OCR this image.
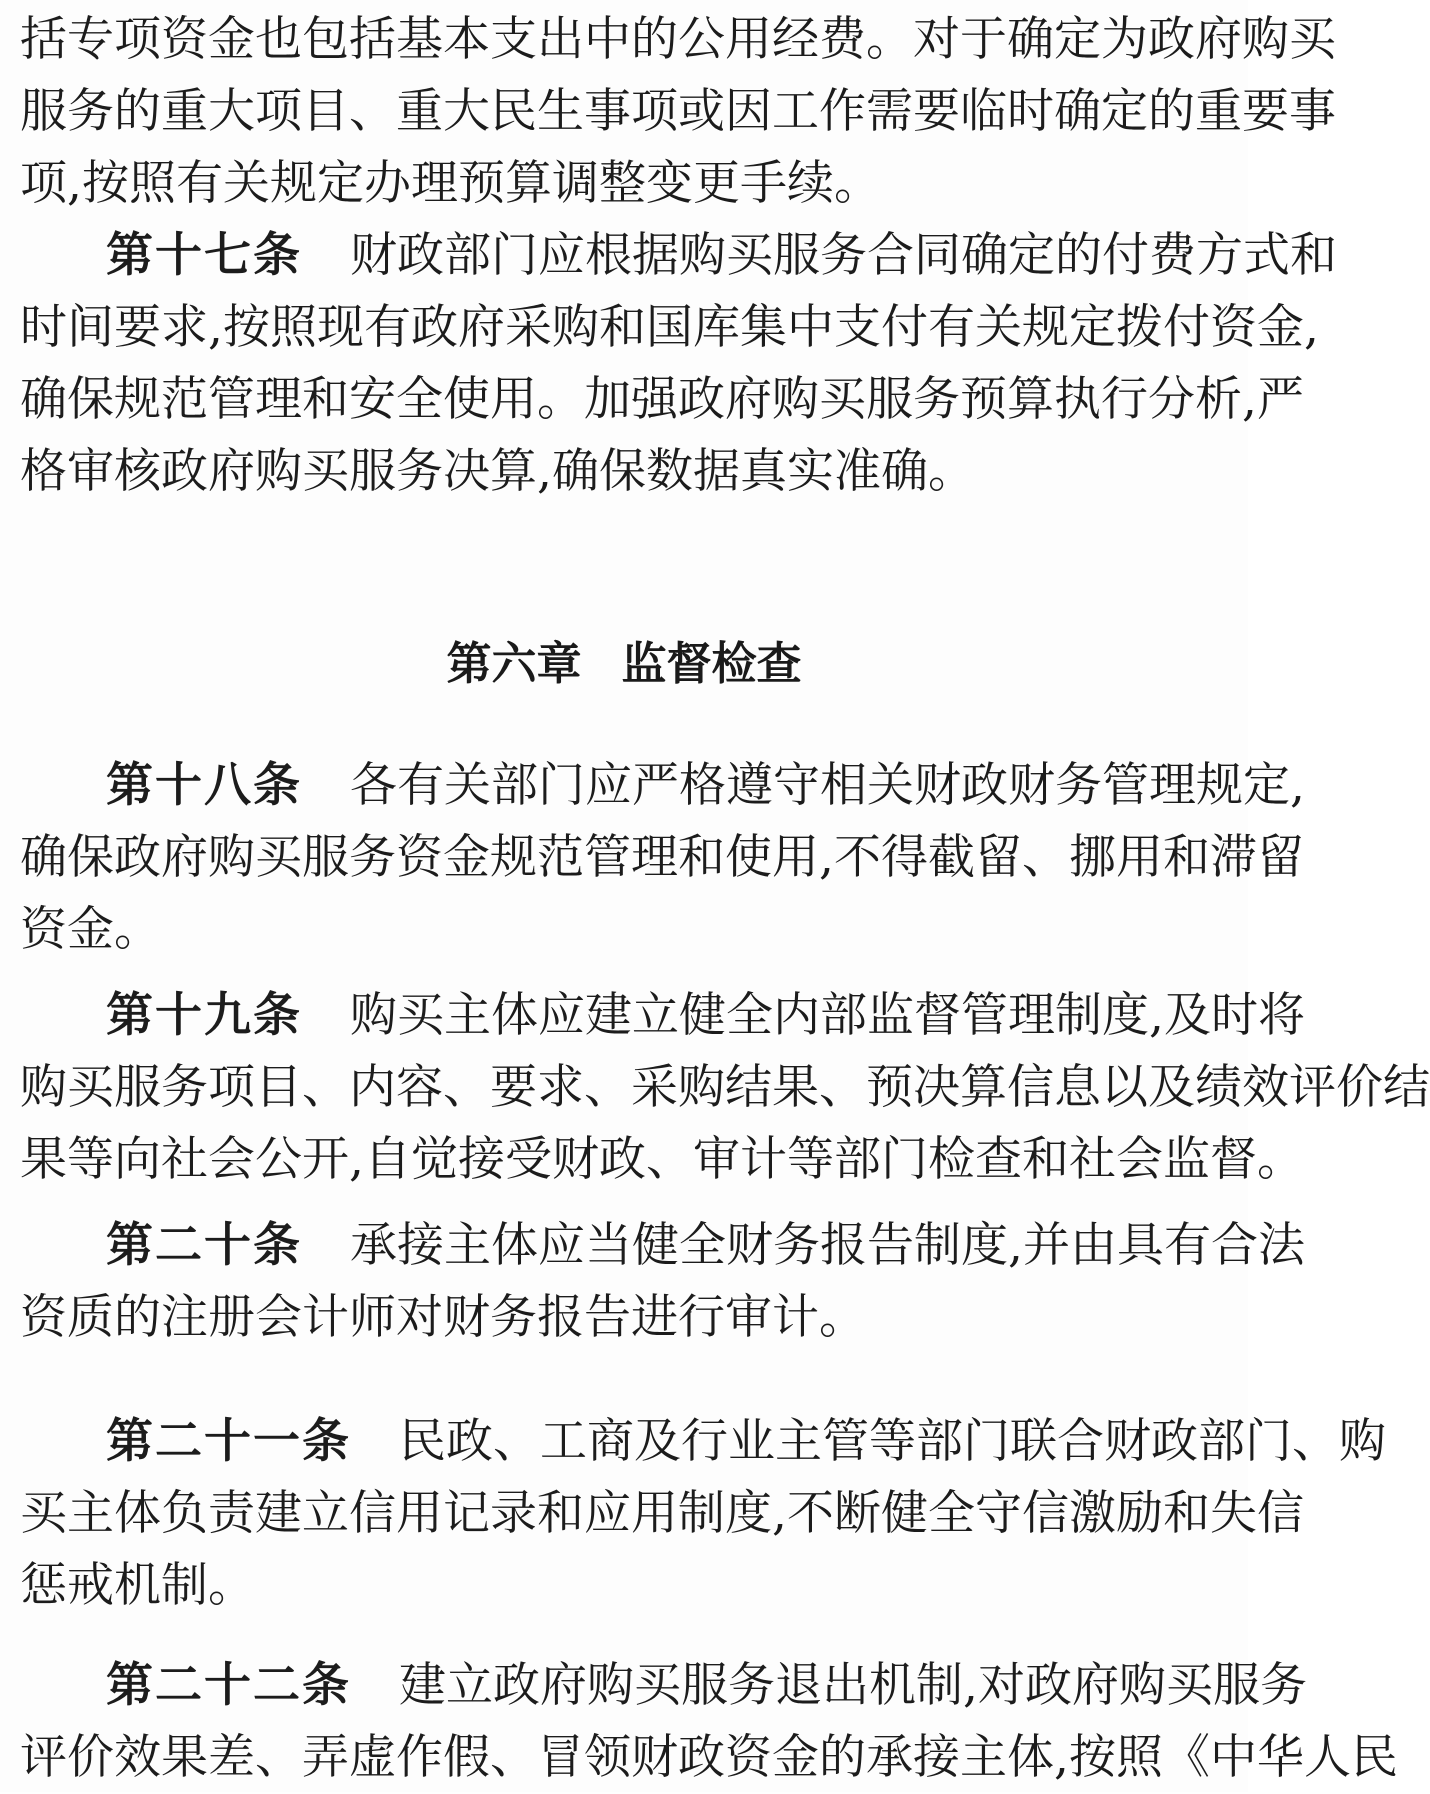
括专项资金也包括基本支出中的公用经费。对于确定为政府购买
服务的重大项目、重大民生事项或因工作需要临时确定的重要事
项,按照有关规定办理预算调整变更手续。
第十七条 财政部门应根据购买服务合同确定的付费方式和
时间要求,按照现有政府采购和国库集中支付有关规定拨付资金,
确保规范管理和安全使用。加强政府购买服务预算执行分析,严
格审核政府购买服务决算,确保数据真实准确。
第六章 监督检查
第十八条 各有关部门应严格遵守相关财政财务管理规定,
确保政府购买服务资金规范管理和使用,不得截留、挪用和滞留
资金。
第十九条 购买主体应建立健全内部监督管理制度,及时将
购买服务项目、内容、要求、采购结果、预决算信息以及绩效评价结
果等向社会公开,自觉接受财政、审计等部门检查和社会监督。
第二十条 承接主体应当健全财务报告制度,并由具有合法
资质的注册会计师对财务报告进行审计。
第二十一条 民政、工商及行业主管等部门联合财政部门、购
买主体负责建立信用记录和应用制度,不断健全守信激励和失信
惩戒机制。
第二十二条 建立政府购买服务退出机制,对政府购买服务
评价效果差、弄虚作假、冒领财政资金的承接主体,按照《中华人民
